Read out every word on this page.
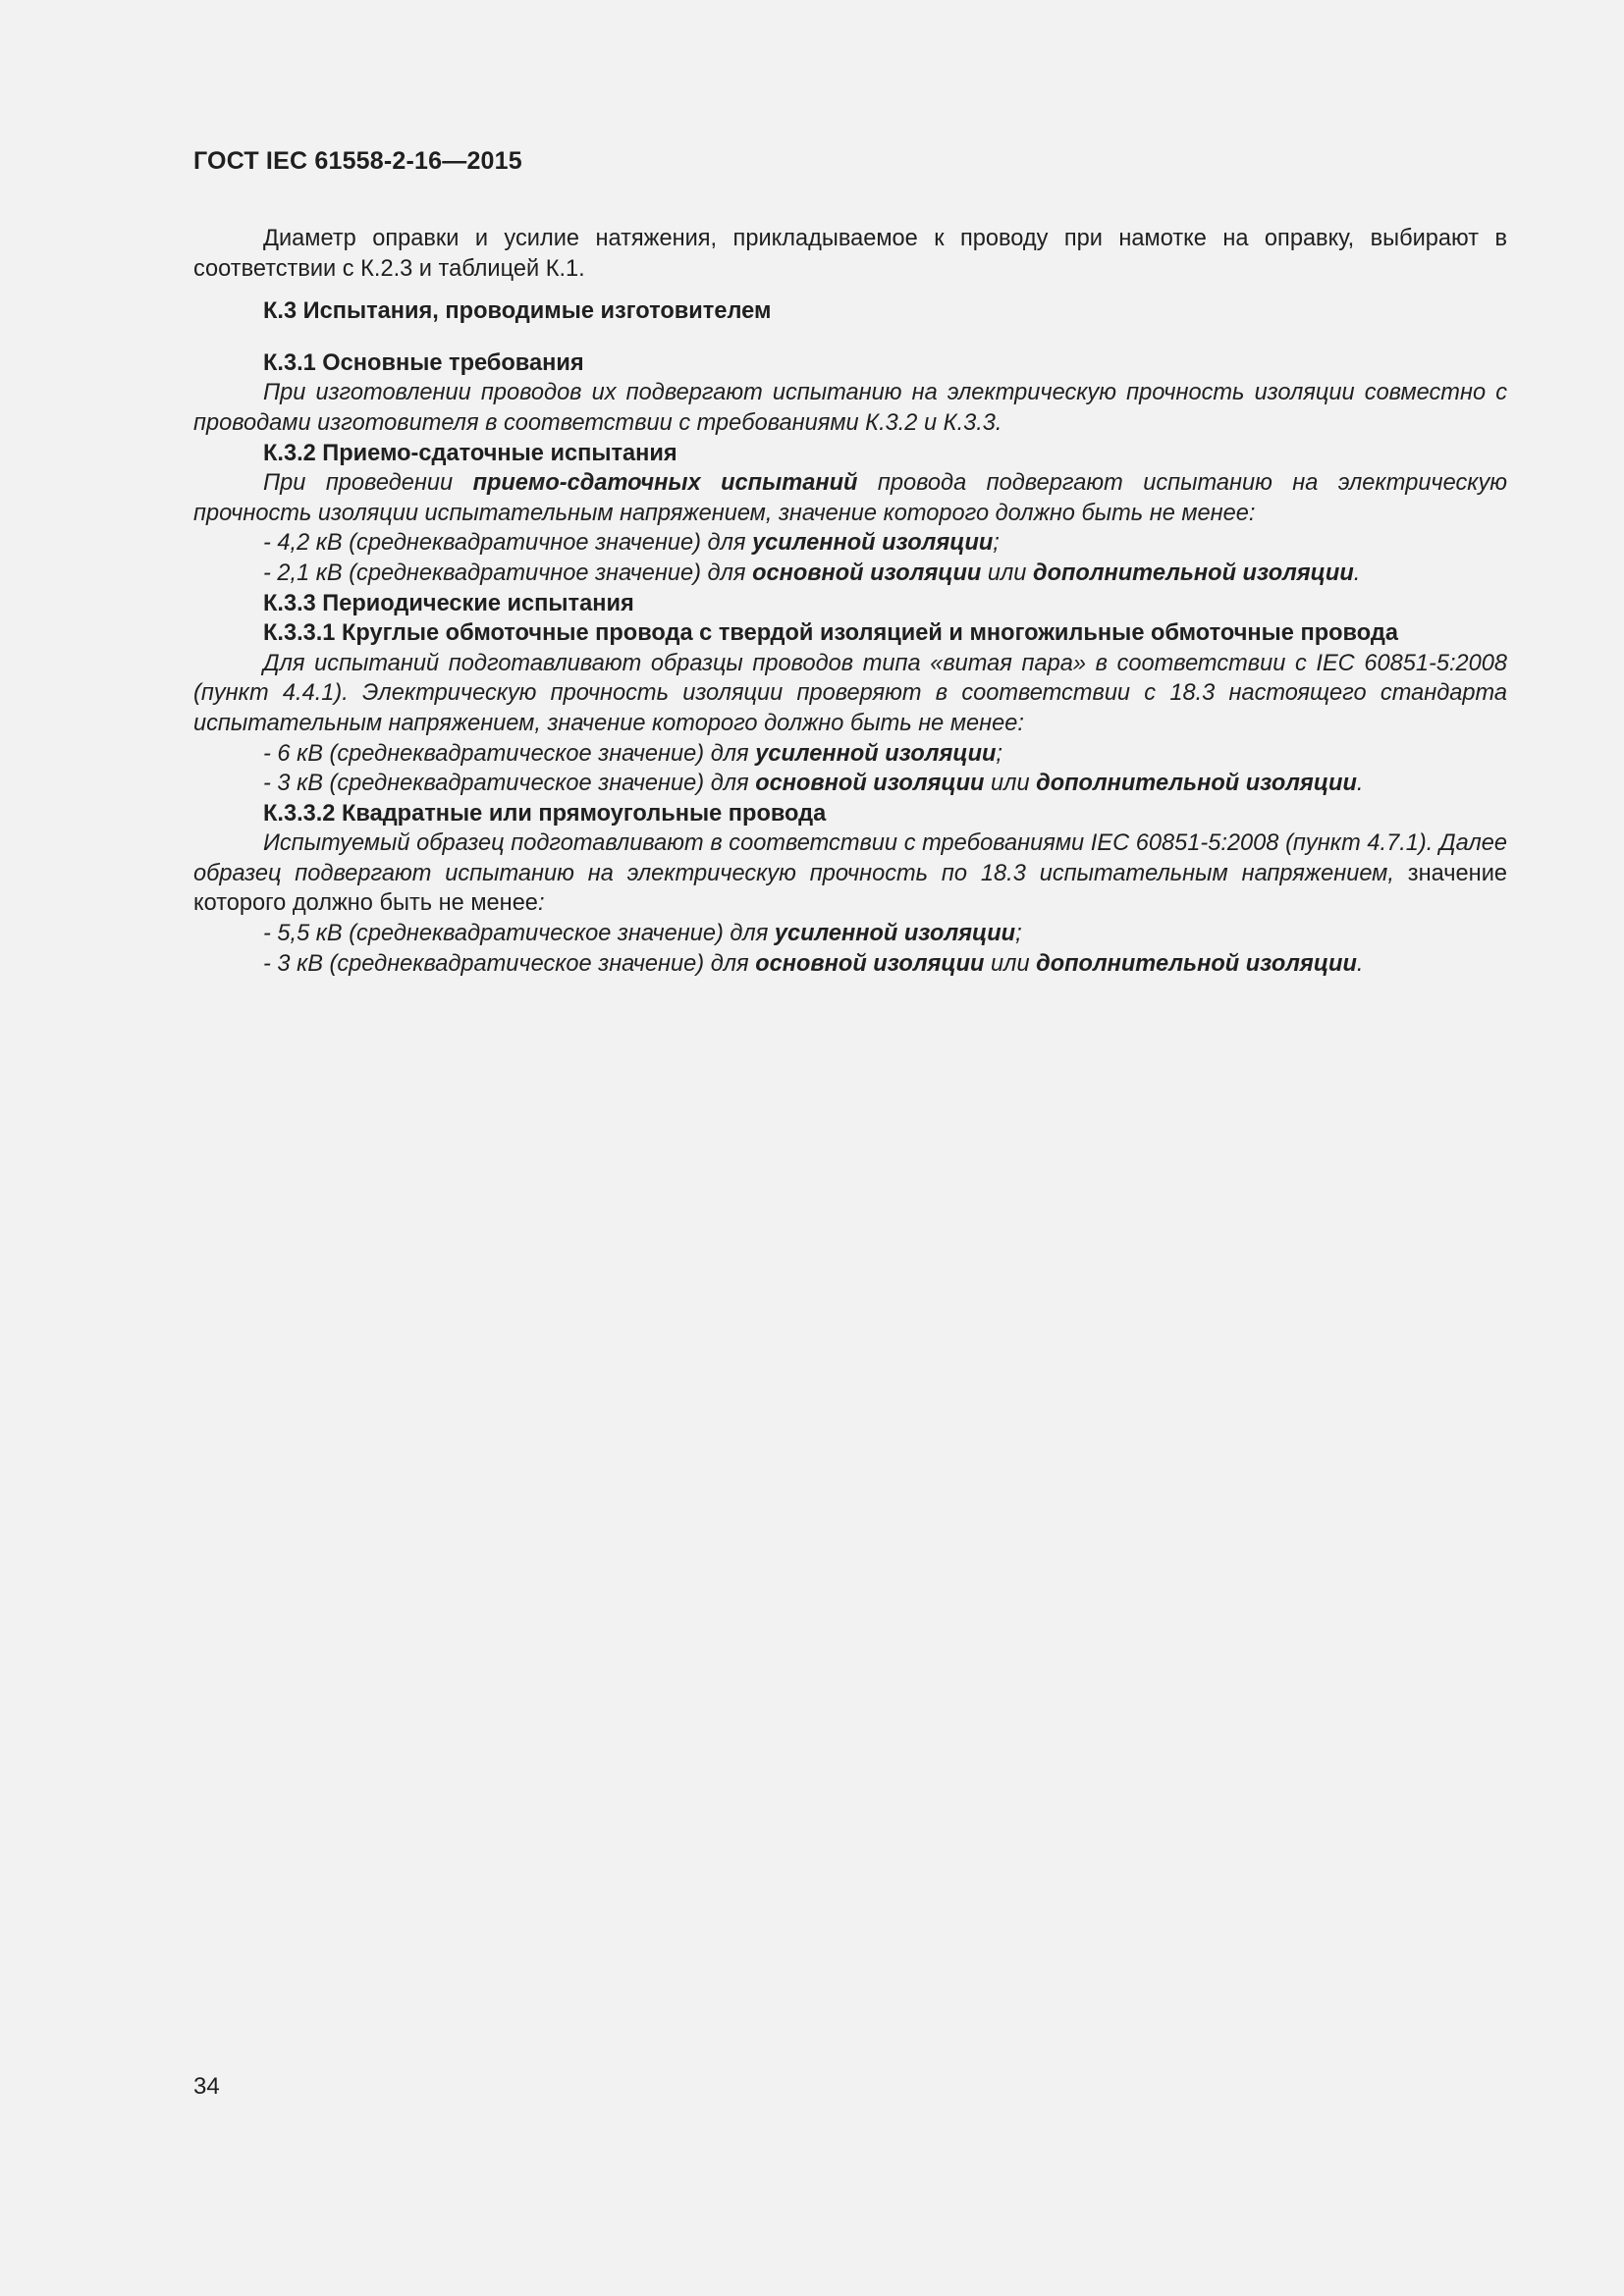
ГОСТ IEC 61558-2-16—2015

Диаметр оправки и усилие натяжения, прикладываемое к проводу при намотке на оправку, выбирают в соответствии с К.2.3 и таблицей К.1.

К.3 Испытания, проводимые изготовителем
К.3.1 Основные требования

При изготовлении проводов их подвергают испытанию на электрическую прочность изоляции совместно с проводами изготовителя в соответствии с требованиями К.3.2 и К.3.3.

К.3.2 Приемо-сдаточные испытания

При проведении приемо-сдаточных испытаний провода подвергают испытанию на электрическую прочность изоляции испытательным напряжением, значение которого должно быть не менее:

- 4,2 кВ (среднеквадратичное значение) для усиленной изоляции;
- 2,1 кВ (среднеквадратичное значение) для основной изоляции или дополнительной изоляции.
К.3.3 Периодические испытания
К.3.3.1 Круглые обмоточные провода с твердой изоляцией и многожильные обмоточные провода

Для испытаний подготавливают образцы проводов типа «витая пара» в соответствии с IEC 60851-5:2008 (пункт 4.4.1). Электрическую прочность изоляции проверяют в соответствии с 18.3 настоящего стандарта испытательным напряжением, значение которого должно быть не менее:

- 6 кВ (среднеквадратическое значение) для усиленной изоляции;
- 3 кВ (среднеквадратическое значение) для основной изоляции или дополнительной изоляции.
К.3.3.2 Квадратные или прямоугольные провода

Испытуемый образец подготавливают в соответствии с требованиями IEC 60851-5:2008 (пункт 4.7.1). Далее образец подвергают испытанию на электрическую прочность по 18.3 испытательным напряжением, значение которого должно быть не менее:

- 5,5 кВ (среднеквадратическое значение) для усиленной изоляции;
- 3 кВ (среднеквадратическое значение) для основной изоляции или дополнительной изоляции.
34
